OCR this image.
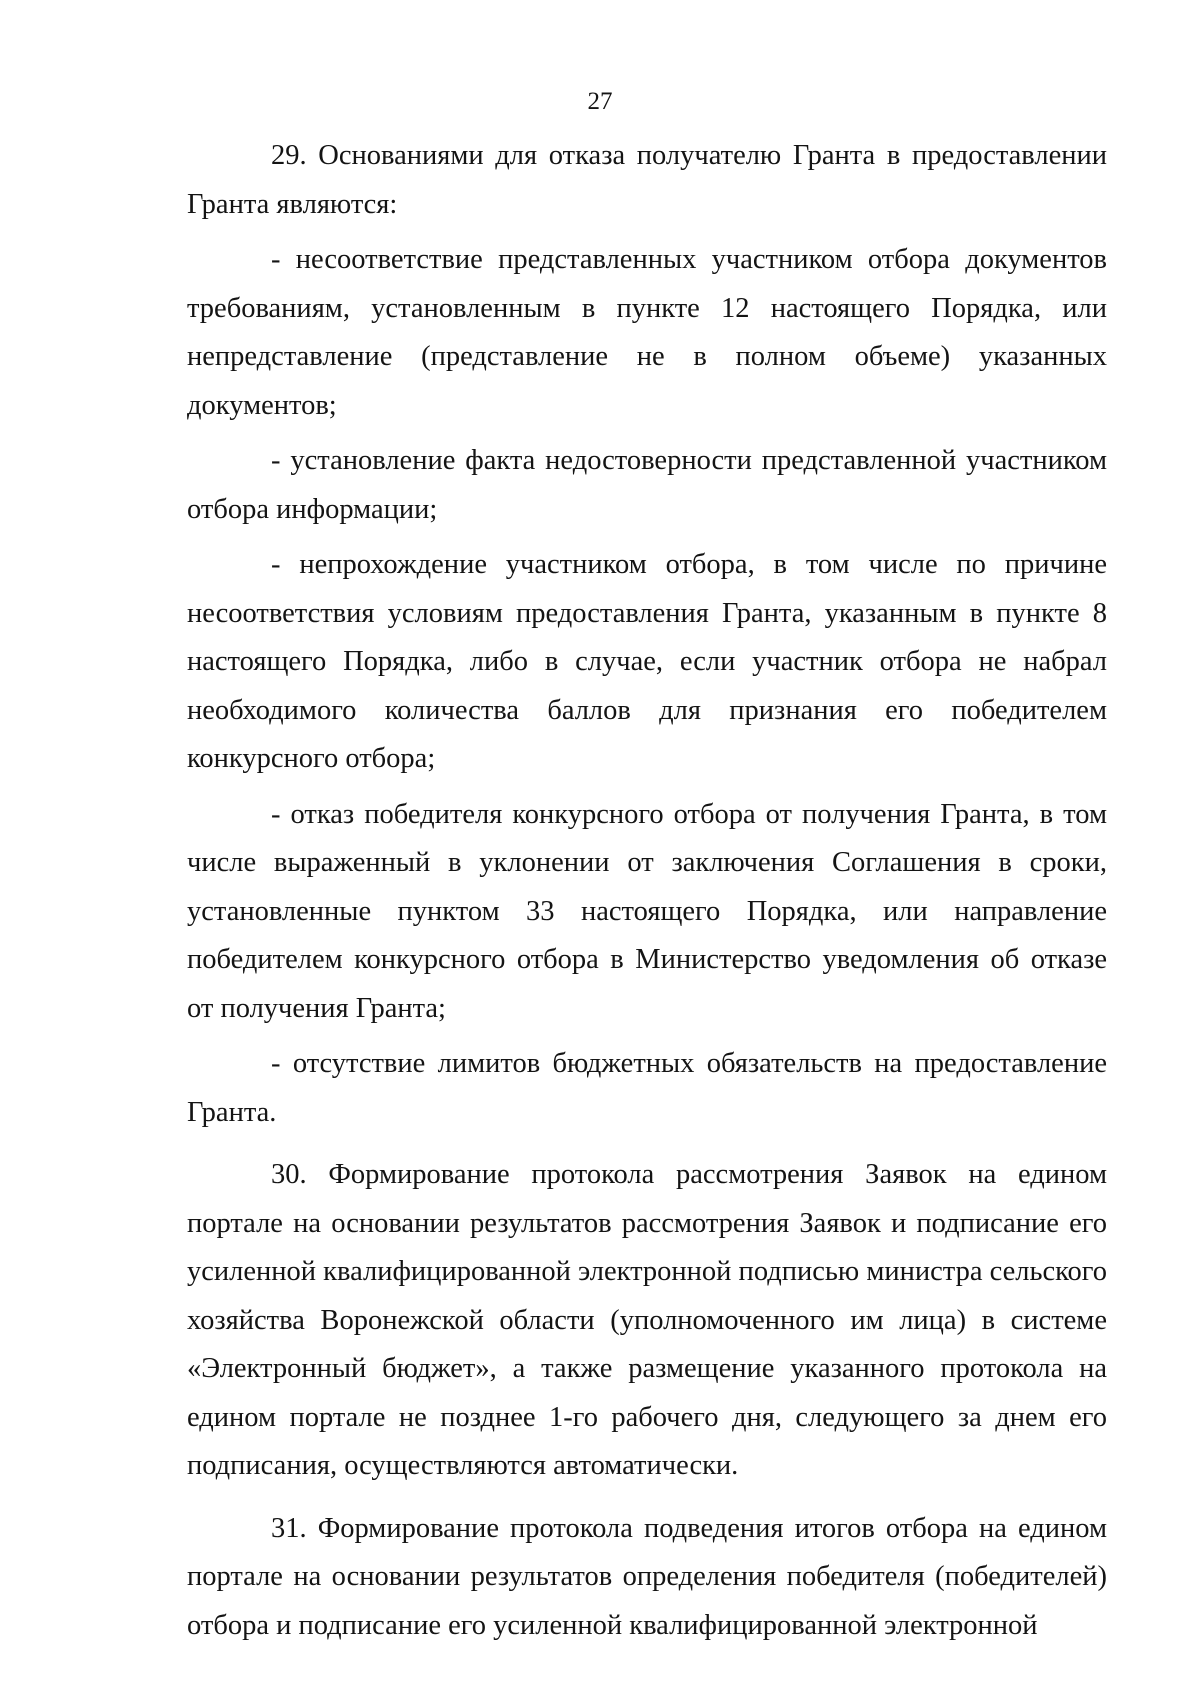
27

29. Основаниями для отказа получателю Гранта в предоставлении Гранта являются:

- несоответствие представленных участником отбора документов требованиям, установленным в пункте 12 настоящего Порядка, или непредставление (представление не в полном объеме) указанных документов;

- установление факта недостоверности представленной участником отбора информации;

- непрохождение участником отбора, в том числе по причине несоответствия условиям предоставления Гранта, указанным в пункте 8 настоящего Порядка, либо в случае, если участник отбора не набрал необходимого количества баллов для признания его победителем конкурсного отбора;

- отказ победителя конкурсного отбора от получения Гранта, в том числе выраженный в уклонении от заключения Соглашения в сроки, установленные пунктом 33 настоящего Порядка, или направление победителем конкурсного отбора в Министерство уведомления об отказе от получения Гранта;

- отсутствие лимитов бюджетных обязательств на предоставление Гранта.

30. Формирование протокола рассмотрения Заявок на едином портале на основании результатов рассмотрения Заявок и подписание его усиленной квалифицированной электронной подписью министра сельского хозяйства Воронежской области (уполномоченного им лица) в системе «Электронный бюджет», а также размещение указанного протокола на едином портале не позднее 1-го рабочего дня, следующего за днем его подписания, осуществляются автоматически.

31. Формирование протокола подведения итогов отбора на едином портале на основании результатов определения победителя (победителей) отбора и подписание его усиленной квалифицированной электронной
